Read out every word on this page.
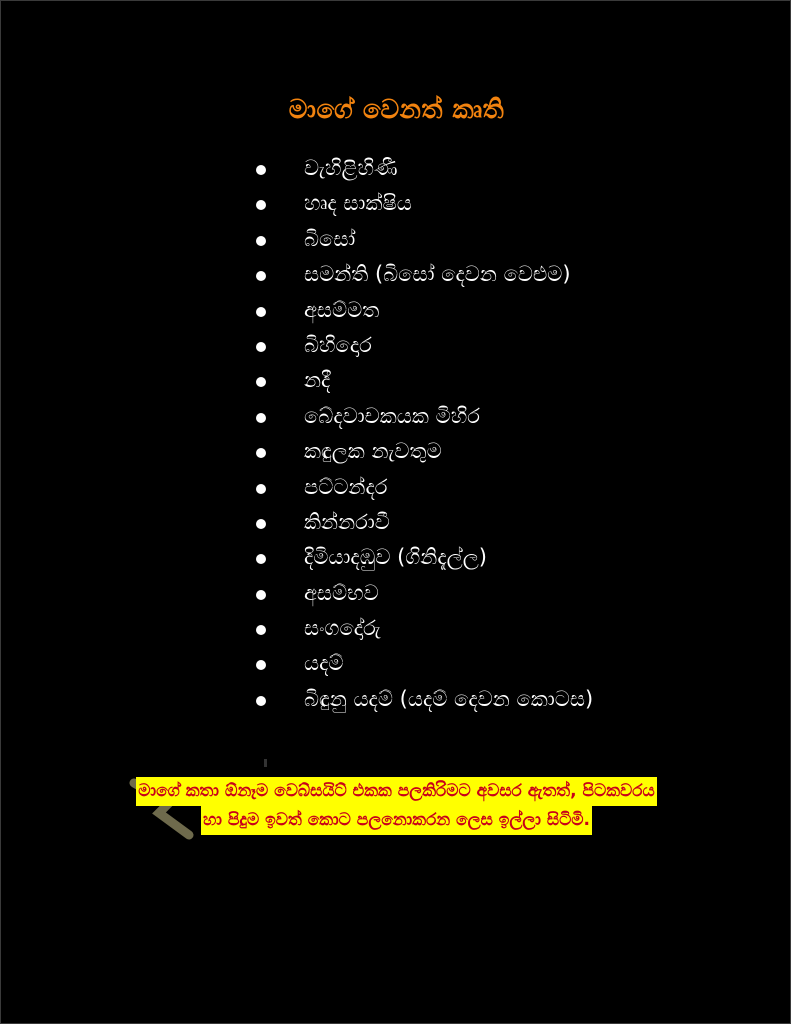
මාගේ වෙනත් කෘති
වැහිළිහිණී
හෘද සාක්ෂිය
බිසෝ
සමන්ති (බිසෝ දෙවන වෙළුම)
අසම්මත
බිහිදොර
නදී
බේදවාචකයක මිහිර
කඳුලක නැවතුම
පට්ටන්දර
කින්නරාවී
දිමියාදඹුව (ගිනිදැල්ල)
අසම්භව
සංගදෝරු
යදම්
බිඳුනු යදම් (යදම් දෙවන කොටස)
මාගේ කතා ඕනෑම වෙබ්සයිට් එකක පලකිරිමට අවසර ඇතත්, පිටකවරය
හා පිදුම ඉවත් කොට පලනොකරන ලෙස ඉල්ලා සිටිමි.
